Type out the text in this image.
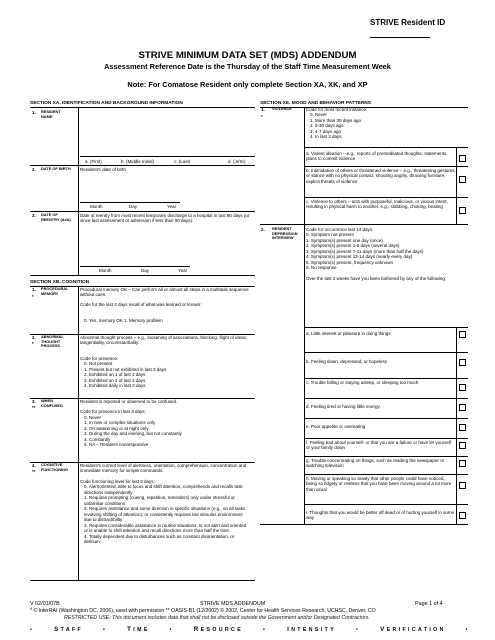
STRIVE Resident ID
STRIVE MINIMUM DATA SET (MDS) ADDENDUM
Assessment Reference Date is the Thursday of the Staff Time Measurement Week
Note: For Comatose Resident only complete Section XA, XK, and XP
SECTION XA. IDENTIFICATION AND BACKGROUND INFORMATION
1. RESIDENT NAME
a. (First)	b. (Middle Initial)	c. (Last)	d. (Jr/Sr)
2. DATE OF BIRTH Resident's date of birth
Month	Day	Year
3. DATE OF REENTRY (A4A)
Date of reentry from most recent temporary discharge to a hospital in last 90 days (or since last assessment or admission if less than 90 days).
Month	Day	Year
SECTION XB. COGNITION
1.
*
PROCEDURAL MEMORY
Procedural memory OK – Can perform all or almost all steps in a multitask sequence without cues.
Code for the last 3 days recall of what was learned or known:
0. Yes, memory OK 1. Memory problem
2.
*
ABNORMAL THOUGHT PROCESS
Abnormal thought process – e.g., loosening of associations, blocking, flight of ideas, tangentiality, circumstantiality.
Code for presence:
0. Not present
1. Present but not exhibited in last 3 days
2. Exhibited on 1 of last 3 days
3. Exhibited on 2 of last 3 days
4. Exhibited daily in last 3 days
3.
**
WHEN CONFUSED
Resident is reported or observed to be confused.
Code for presence in last 3 days:
0. Never
1. In new or complex situations only
2. On awakening or at night only
3. During the day and evening, but not constantly
4. Constantly
5. NA – Resident nonresponsive
4.
**
COGNITIVE FUNCTIONING
Resident's current level of alertness, orientation, comprehension, concentration and immediate memory for simple commands.
Code functioning level for last 3 days:
0. Alert/oriented, able to focus and shift attention, comprehends and recalls task directions independently
1. Requires prompting (cueing, repetition, reminders) only under stressful or unfamiliar conditions
2. Requires assistance and some direction in specific situations (e.g., on all tasks involving shifting of attention), or consistently requires low stimulus environment due to distractibility
3. Requires considerable assistance in routine situations. Is not alert and oriented or is unable to shift attention and recall directions more than half the time.
4. Totally dependent due to disturbances such as constant disorientation, or delirium
SECTION XE. MOOD AND BEHAVIOR PATTERNS
1.
*
VIOLENCE	Code for most recent instance:
0. Never
1. More than 30 days ago
2. 8-30 days ago
3. 4-7 days ago
4. In last 3 days
a. Violent ideation – e.g., reports of premeditated thoughts, statements, plans to commit violence
b. Intimidation of others or threatened violence – e.g., threatening gestures or stance with no physical contact, shouting angrily, throwing furniture, explicit threats of violence
c. Violence to others – acts with purposeful, malicious, or vicious intent, resulting in physical harm to another, e.g., stabbing, choking, beating
2. RESIDENT DEPRESSION INTERVIEW
Code for occurrence last 14 days:
0. Symptom not present
1. Symptom(s) present one day (once)
2. Symptom(s) present 2-6 days (several days)
3. Symptom(s) present 7-11 days (more than half the days)
4. Symptom(s) present 12-14 days (nearly every day)
5. Symptom(s) present, frequency unknown
9. No response
Over the last 2 weeks have you been bothered by any of the following:
a. Little interest or pleasure in doing things
b. Feeling down, depressed, or hopeless
c. Trouble falling or staying asleep, or sleeping too much
d. Feeling tired or having little energy
e. Poor appetite or overeating
f. Feeling bad about yourself- or that you are a failure or have let yourself or your family down
g. Trouble concentrating on things, such as reading the newspaper or watching television
h. Moving or speaking so slowly that other people could have noticed, being so fidgety or restless that you have been moving around a lot more than usual
i. Thoughts that you would be better off dead or of hurting yourself in some way
V 02/01/07B	STRIVE MDS ADDENDUM	Page 1 of 4
* © interRAI (Washington DC, 2006), used with permission ** OASIS-B1 (12/2002) © 2002, Center for Health Services Research, UCHSC, Denver, CO
RESTRICTED USE: This document includes data that shall not be disclosed outside the Government and/or Designated Contractors.
•	STAFF	•	TIME	•	RESOURCE	•	INTENSITY	•	VERIFICATION	•
